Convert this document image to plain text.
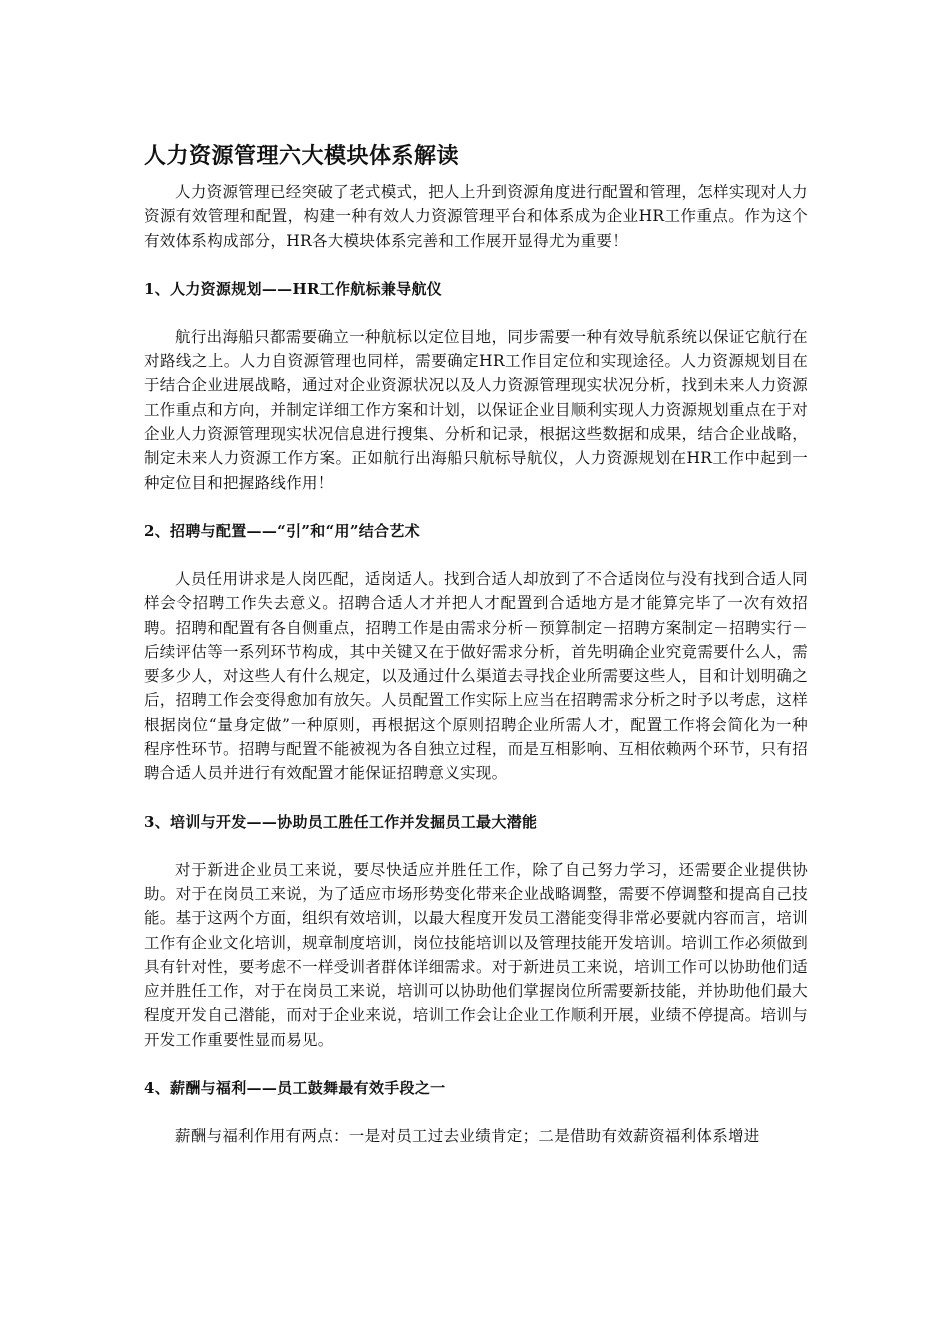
人力资源管理六大模块体系解读

人力资源管理已经突破了老式模式，把人上升到资源角度进行配置和管理，怎样实现对人力资源有效管理和配置，构建一种有效人力资源管理平台和体系成为企业HR工作重点。作为这个有效体系构成部分，HR各大模块体系完善和工作展开显得尤为重要！

1、人力资源规划——HR工作航标兼导航仪

航行出海船只都需要确立一种航标以定位目地，同步需要一种有效导航系统以保证它航行在对路线之上。人力自资源管理也同样，需要确定HR工作目定位和实现途径。人力资源规划目在于结合企业进展战略，通过对企业资源状况以及人力资源管理现实状况分析，找到未来人力资源工作重点和方向，并制定详细工作方案和计划，以保证企业目顺利实现人力资源规划重点在于对企业人力资源管理现实状况信息进行搜集、分析和记录，根据这些数据和成果，结合企业战略，制定未来人力资源工作方案。正如航行出海船只航标导航仪，人力资源规划在HR工作中起到一种定位目和把握路线作用！

2、招聘与配置——“引”和“用”结合艺术

人员任用讲求是人岗匹配，适岗适人。找到合适人却放到了不合适岗位与没有找到合适人同样会令招聘工作失去意义。招聘合适人才并把人才配置到合适地方是才能算完毕了一次有效招聘。招聘和配置有各自侧重点，招聘工作是由需求分析－预算制定－招聘方案制定－招聘实行－后续评估等一系列环节构成，其中关键又在于做好需求分析，首先明确企业究竟需要什么人，需要多少人，对这些人有什么规定，以及通过什么渠道去寻找企业所需要这些人，目和计划明确之后，招聘工作会变得愈加有放矢。人员配置工作实际上应当在招聘需求分析之时予以考虑，这样根据岗位“量身定做”一种原则，再根据这个原则招聘企业所需人才，配置工作将会简化为一种程序性环节。招聘与配置不能被视为各自独立过程，而是互相影响、互相依赖两个环节，只有招聘合适人员并进行有效配置才能保证招聘意义实现。

3、培训与开发——协助员工胜任工作并发掘员工最大潜能

对于新进企业员工来说，要尽快适应并胜任工作，除了自己努力学习，还需要企业提供协助。对于在岗员工来说，为了适应市场形势变化带来企业战略调整，需要不停调整和提高自己技能。基于这两个方面，组织有效培训，以最大程度开发员工潜能变得非常必要就内容而言，培训工作有企业文化培训，规章制度培训，岗位技能培训以及管理技能开发培训。培训工作必须做到具有针对性，要考虑不一样受训者群体详细需求。对于新进员工来说，培训工作可以协助他们适应并胜任工作，对于在岗员工来说，培训可以协助他们掌握岗位所需要新技能，并协助他们最大程度开发自己潜能，而对于企业来说，培训工作会让企业工作顺利开展，业绩不停提高。培训与开发工作重要性显而易见。

4、薪酬与福利——员工鼓舞最有效手段之一

薪酬与福利作用有两点：一是对员工过去业绩肯定；二是借助有效薪资福利体系增进
